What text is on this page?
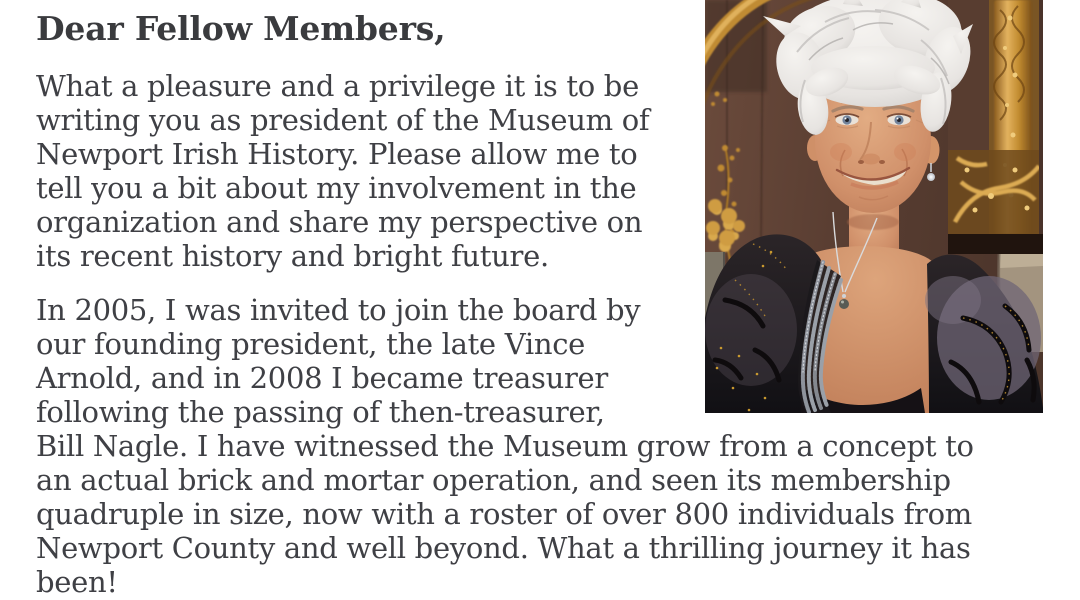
Dear Fellow Members,

What a pleasure and a privilege it is to be
writing you as president of the Museum of
Newport Irish History. Please allow me to
tell you a bit about my involvement in the
organization and share my perspective on
its recent history and bright future.

In 2005, I was invited to join the board by
our founding president, the late Vince
Arnold, and in 2008 I became treasurer
following the passing of then-treasurer,
Bill Nagle. I have witnessed the Museum grow from a concept to
an actual brick and mortar operation, and seen its membership
quadruple in size, now with a roster of over 800 individuals from
Newport County and well beyond. What a thrilling journey it has
been!
